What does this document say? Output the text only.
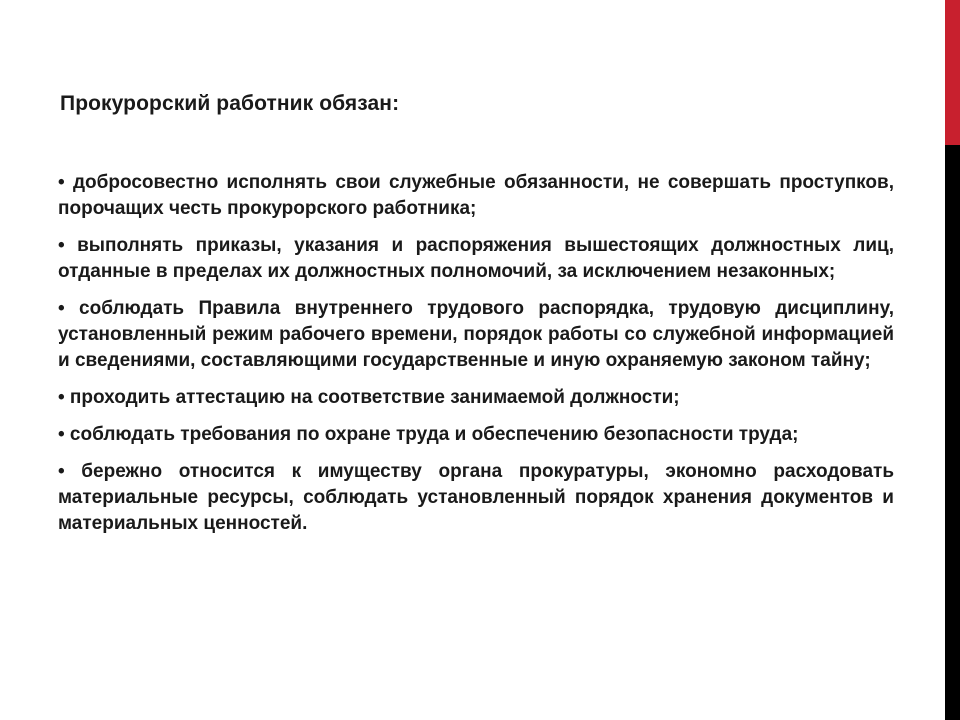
Прокурорский работник обязан:

• добросовестно исполнять свои служебные обязанности, не совершать проступков, порочащих честь прокурорского работника;

• выполнять приказы, указания и распоряжения вышестоящих должностных лиц, отданные в пределах их должностных полномочий, за исключением незаконных;

• соблюдать Правила внутреннего трудового распорядка, трудовую дисциплину, установленный режим рабочего времени, порядок работы со служебной информацией и сведениями, составляющими государственные и иную охраняемую законом тайну;

• проходить аттестацию на соответствие занимаемой должности;

• соблюдать требования по охране труда и обеспечению безопасности труда;

• бережно относится к имуществу органа прокуратуры, экономно расходовать материальные ресурсы, соблюдать установленный порядок хранения документов и материальных ценностей.
